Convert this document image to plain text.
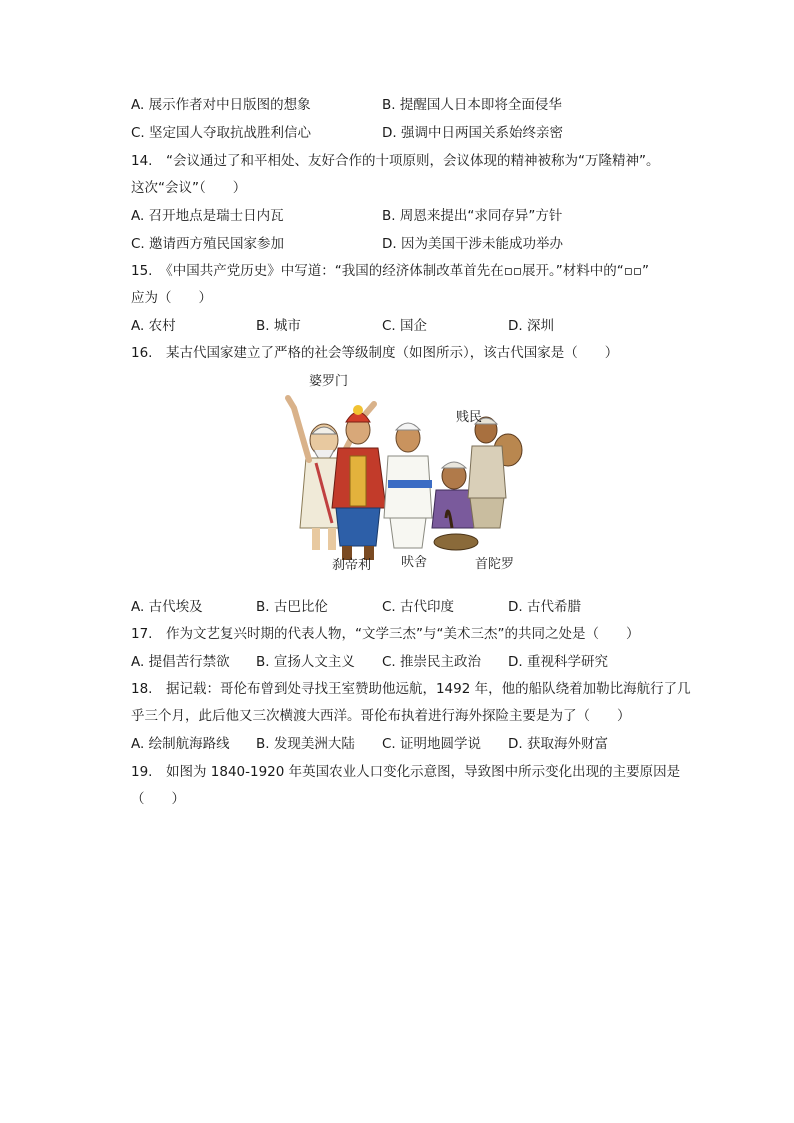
A. 展示作者对中日版图的想象	B. 提醒国人日本即将全面侵华
C. 坚定国人夺取抗战胜利信心	D. 强调中日两国关系始终亲密
14.　“会议通过了和平相处、友好合作的十项原则，会议体现的精神被称为“万隆精神”。
这次“会议”（　　）
A. 召开地点是瑞士日内瓦	B. 周恩来提出“求同存异”方针
C. 邀请西方殖民国家参加	D. 因为美国干涉未能成功举办
15.　《中国共产党历史》中写道：“我国的经济体制改革首先在▫▫展开。”材料中的“▫▫”
应为（　　）
A. 农村	B. 城市	C. 国企	D. 深圳
16.　某古代国家建立了严格的社会等级制度（如图所示），该古代国家是（　　）
婆罗门
贱民
刹帝利 吠舍	首陀罗
A. 古代埃及	B. 古巴比伦	C. 古代印度	D. 古代希腊
17.　作为文艺复兴时期的代表人物，“文学三杰”与“美术三杰”的共同之处是（　　）
A. 提倡苦行禁欲 B. 宣扬人文主义 C. 推崇民主政治 D. 重视科学研究
18.　据记载：哥伦布曾到处寻找王室赞助他远航，1492 年，他的船队绕着加勒比海航行了几
乎三个月，此后他又三次横渡大西洋。哥伦布执着进行海外探险主要是为了（　　）
A. 绘制航海路线 B. 发现美洲大陆 C. 证明地圆学说 D. 获取海外财富
19.　如图为 1840-1920 年英国农业人口变化示意图，导致图中所示变化出现的主要原因是
（　　）
